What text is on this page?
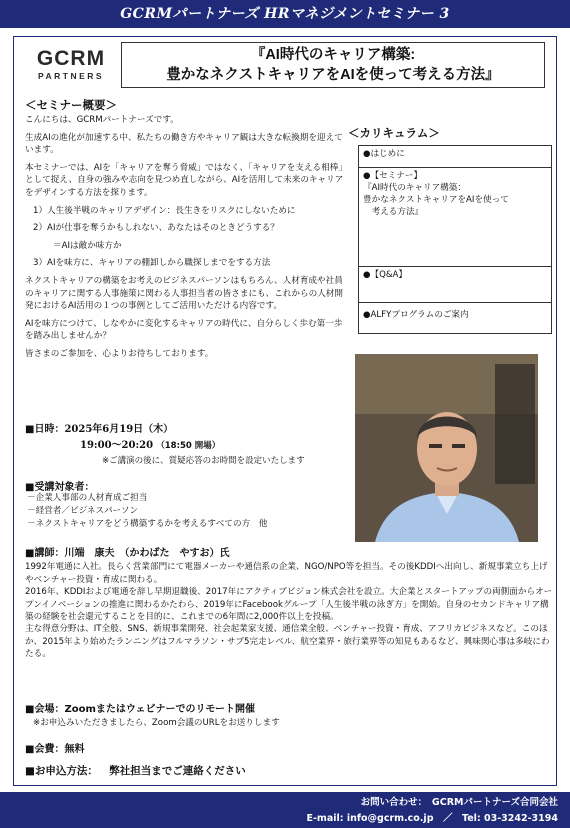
GCRMパートナーズ HRマネジメントセミナー 3
GCRM
PARTNERS
『AI時代のキャリア構築:
豊かなネクストキャリアをAIを使って考える方法』
＜セミナー概要＞

こんにちは、GCRMパートナーズです。

生成AIの進化が加速する中、私たちの働き方やキャリア観は大きな転換期を迎えています。

本セミナーでは、AIを「キャリアを奪う脅威」ではなく、「キャリアを支える相棒」として捉え、自身の強みや志向を見つめ直しながら、AIを活用して未来のキャリアをデザインする方法を探ります。

1）人生後半戦のキャリアデザイン：長生きをリスクにしないために

2）AIが仕事を奪うかもしれない、あなたはそのときどうする？

＝AIは敵か味方か

3）AIを味方に、キャリアの棚卸しから職探しまでをする方法

ネクストキャリアの構築をお考えのビジネスパーソンはもちろん、人材育成や社員のキャリアに関する人事施策に関わる人事担当者の皆さまにも、これからの人材開発におけるAI活用の１つの事例としてご活用いただける内容です。

AIを味方につけて、しなやかに変化するキャリアの時代に、自分らしく歩む第一歩を踏み出しませんか？

皆さまのご参加を、心よりお待ちしております。

＜カリキュラム＞
●はじめに
●【セミナー】
『AI時代のキャリア構築：
豊かなネクストキャリアをAIを使って
　考える方法』
●【Q&A】
●ALFYプログラムのご案内
■日時：2025年6月19日（木）
19:00～20:20 （18:50 開場）
※ご講演の後に、質疑応答のお時間を設定いたします
■受講対象者：
－企業人事部の人材育成ご担当
－経営者／ビジネスパーソン
－ネクストキャリアをどう構築するかを考えるすべての方　他
■講師：川端　康夫　（かわばた　やすお）氏

1992年電通に入社。長らく営業部門にて電器メーカーや通信系の企業、NGO/NPO等を担当。その後KDDIへ出向し、新規事業立ち上げやベンチャー投資・育成に関わる。

2016年、KDDIおよび電通を辞し早期退職後、2017年にアクティブビジョン株式会社を設立。大企業とスタートアップの両側面からオープンイノベーションの推進に関わるかたわら、2019年にFacebookグループ「人生後半戦の泳ぎ方」を開始。自身のセカンドキャリア構築の経験を社会還元することを目的に、これまでの6年間に2,000件以上を投稿。

主な得意分野は、IT全般、SNS、新規事業開発、社会起業家支援、通信業全般、ベンチャー投資・育成、アフリカビジネスなど。このほか、2015年より始めたランニングはフルマラソン・サブ5完走レベル、航空業界・旅行業界等の知見もあるなど、興味関心事は多岐にわたる。

■会場：Zoomまたはウェビナーでのリモート開催
※お申込みいただきましたら、Zoom会議のURLをお送りします
■会費：無料
■お申込方法： 弊社担当までご連絡ください
お問い合わせ：　GCRMパートナーズ合同会社
E-mail: info@gcrm.co.jp　／　Tel: 03-3242-3194
